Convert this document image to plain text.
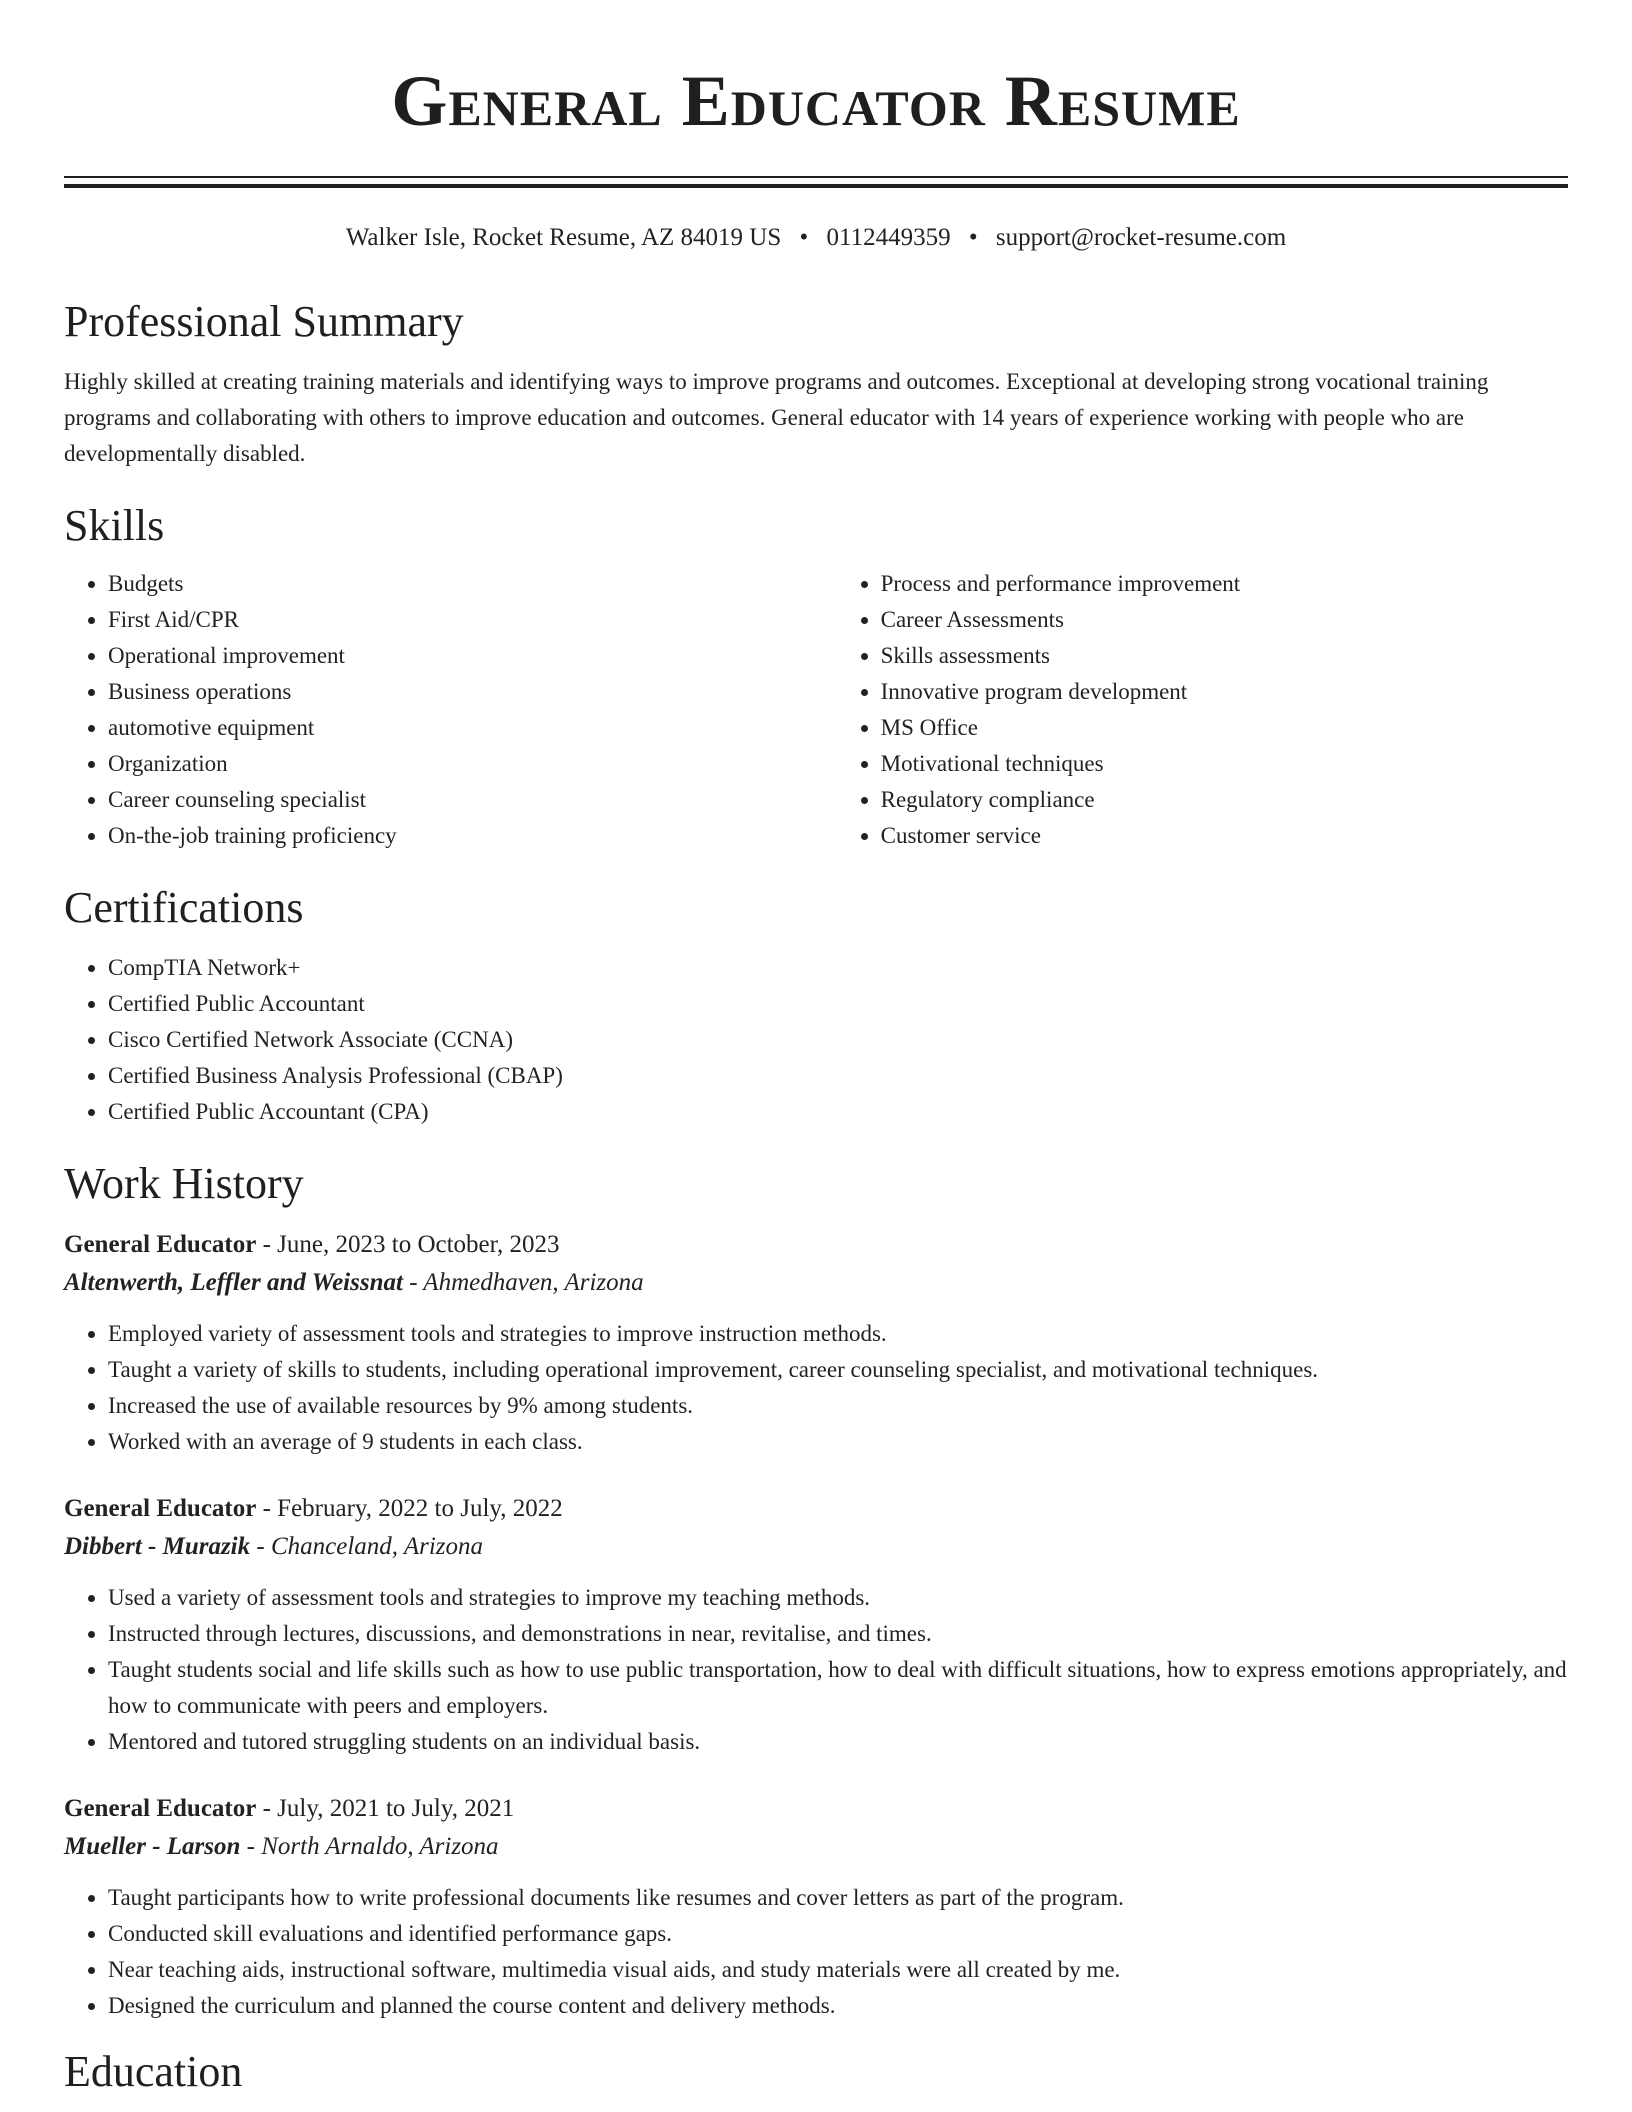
General Educator Resume
Walker Isle, Rocket Resume, AZ 84019 US • 0112449359 • support@rocket-resume.com
Professional Summary

Highly skilled at creating training materials and identifying ways to improve programs and outcomes. Exceptional at developing strong vocational training programs and collaborating with others to improve education and outcomes. General educator with 14 years of experience working with people who are developmentally disabled.

Skills
• Budgets
• First Aid/CPR
• Operational improvement
• Business operations
• automotive equipment
• Organization
• Career counseling specialist
• On-the-job training proficiency
• Process and performance improvement
• Career Assessments
• Skills assessments
• Innovative program development
• MS Office
• Motivational techniques
• Regulatory compliance
• Customer service
Certifications
• CompTIA Network+
• Certified Public Accountant
• Cisco Certified Network Associate (CCNA)
• Certified Business Analysis Professional (CBAP)
• Certified Public Accountant (CPA)
Work History
General Educator - June, 2023 to October, 2023
Altenwerth, Leffler and Weissnat - Ahmedhaven, Arizona
• Employed variety of assessment tools and strategies to improve instruction methods.
• Taught a variety of skills to students, including operational improvement, career counseling specialist, and motivational techniques.
• Increased the use of available resources by 9% among students.
• Worked with an average of 9 students in each class.
General Educator - February, 2022 to July, 2022
Dibbert - Murazik - Chanceland, Arizona
• Used a variety of assessment tools and strategies to improve my teaching methods.
• Instructed through lectures, discussions, and demonstrations in near, revitalise, and times.
• Taught students social and life skills such as how to use public transportation, how to deal with difficult situations, how to express emotions appropriately, and how to communicate with peers and employers.
• Mentored and tutored struggling students on an individual basis.
General Educator - July, 2021 to July, 2021
Mueller - Larson - North Arnaldo, Arizona
• Taught participants how to write professional documents like resumes and cover letters as part of the program.
• Conducted skill evaluations and identified performance gaps.
• Near teaching aids, instructional software, multimedia visual aids, and study materials were all created by me.
• Designed the curriculum and planned the course content and delivery methods.
Education
